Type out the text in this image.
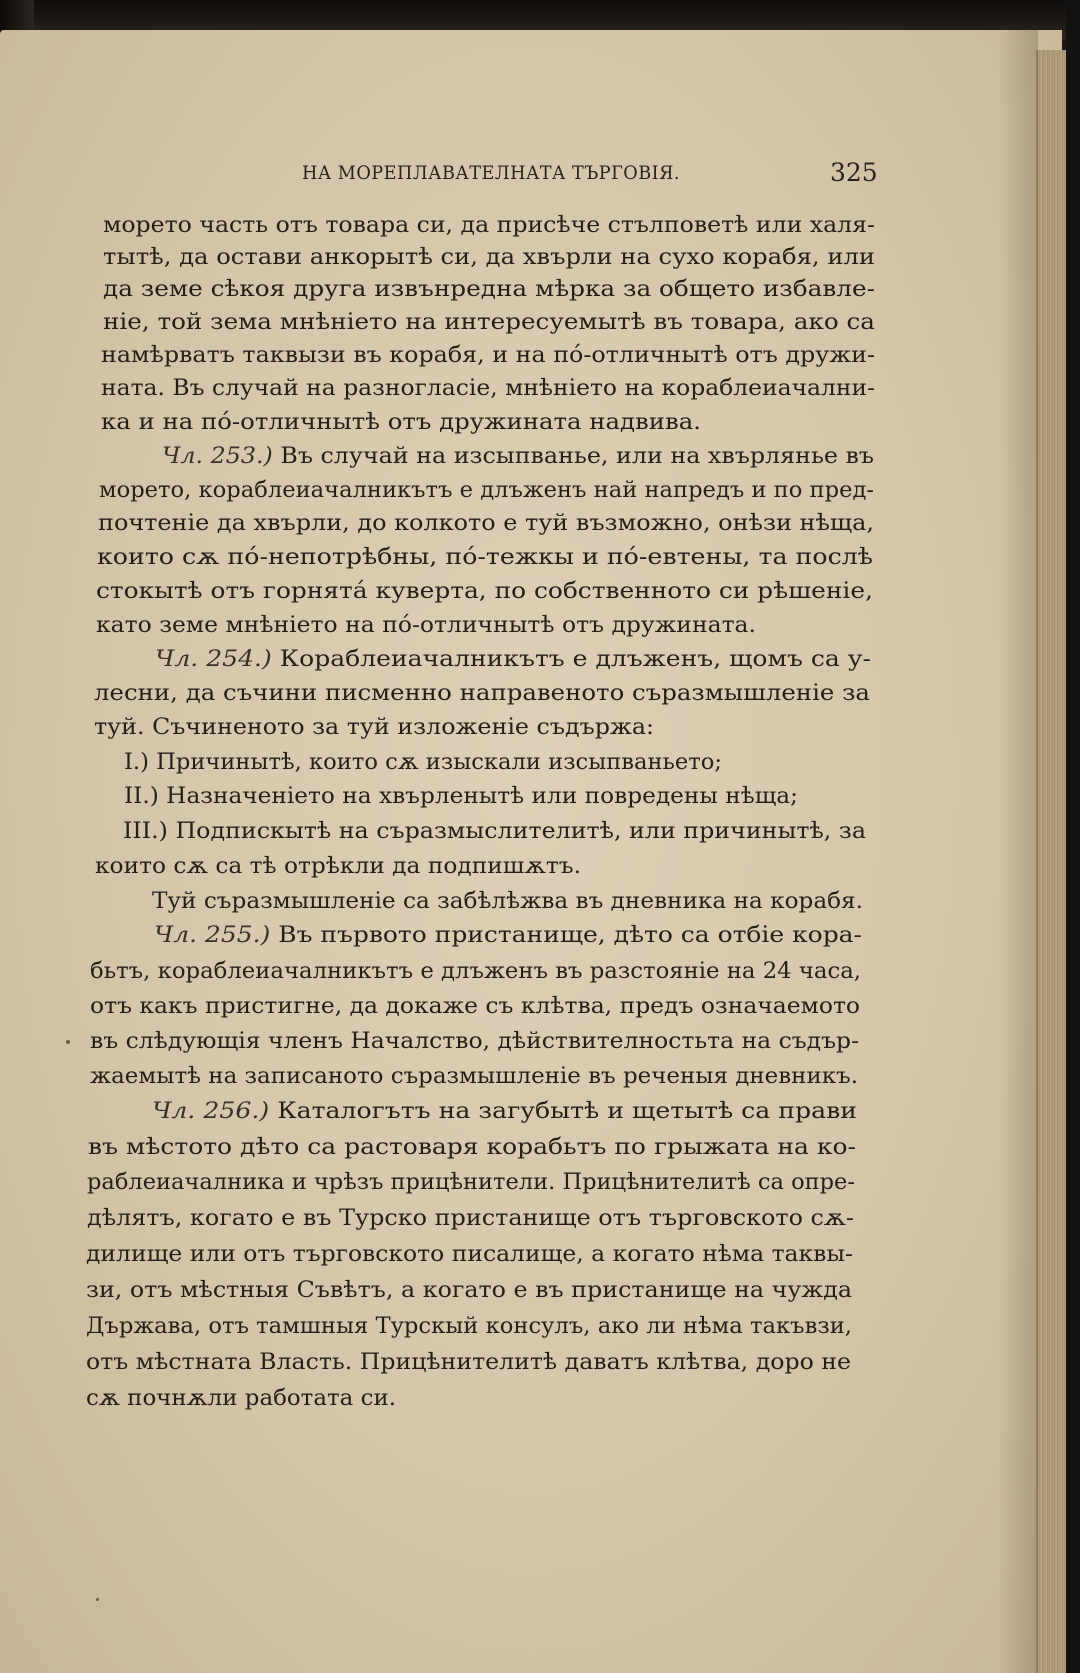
НА МОРЕПЛАВАТЕЛНАТА ТЪРГОВІЯ.	325
морето часть отъ товара си, да присѣче стълповетѣ или халя-
тытѣ, да остави анкорытѣ си, да хвърли на сухо корабя, или
да земе сѣкоя друга извънредна мѣрка за общето избавле-
ніе, той зема мнѣніето на интересуемытѣ въ товара, ако са
намѣрватъ таквызи въ корабя, и на по́-отличнытѣ отъ дружи-
ната. Въ случай на разногласіе, мнѣніето на кораблеиачални-
ка и на по́-отличнытѣ отъ дружината надвива.
Чл. 253.) Въ случай на изсыпванье, или на хвърлянье въ
морето, кораблеиачалникътъ е длъженъ най напредъ и по пред-
почтеніе да хвърли, до колкото е туй възможно, онѣзи нѣща,
които сѫ по́-непотрѣбны, по́-тежкы и по́-евтены, та послѣ
стокытѣ отъ горнята́ куверта, по собственното си рѣшеніе,
като земе мнѣніето на по́-отличнытѣ отъ дружината.
Чл. 254.) Кораблеиачалникътъ е длъженъ, щомъ са у-
лесни, да съчини писменно направеното съразмышленіе за
туй. Съчиненото за туй изложеніе съдържа:
I.) Причинытѣ, които сѫ изыскали изсыпваньето;
II.) Назначеніето на хвърленытѣ или повредены нѣща;
III.) Подпискытѣ на съразмыслителитѣ, или причинытѣ, за
които сѫ са тѣ отрѣкли да подпишѫтъ.
Туй съразмышленіе са забѣлѣжва въ дневника на корабя.
Чл. 255.) Въ първото пристанище, дѣто са отбіе кора-
бьтъ, кораблеиачалникътъ е длъженъ въ разстояніе на 24 часа,
отъ какъ пристигне, да докаже съ клѣтва, предъ означаемото
въ слѣдующія членъ Началство, дѣйствителностьта на съдър-
жаемытѣ на записаното съразмышленіе въ реченыя дневникъ.
Чл. 256.) Каталогътъ на загубытѣ и щетытѣ са прави
въ мѣстото дѣто са растоваря корабьтъ по грыжата на ко-
раблеиачалника и чрѣзъ прицѣнители. Прицѣнителитѣ са опре-
дѣлятъ, когато е въ Турско пристанище отъ търговското сѫ-
дилище или отъ търговското писалище, а когато нѣма таквы-
зи, отъ мѣстныя Съвѣтъ, а когато е въ пристанище на чужда
Държава, отъ тамшныя Турскый консулъ, ако ли нѣма такъвзи,
отъ мѣстната Власть. Прицѣнителитѣ даватъ клѣтва, доро не
сѫ почнѫли работата си.
